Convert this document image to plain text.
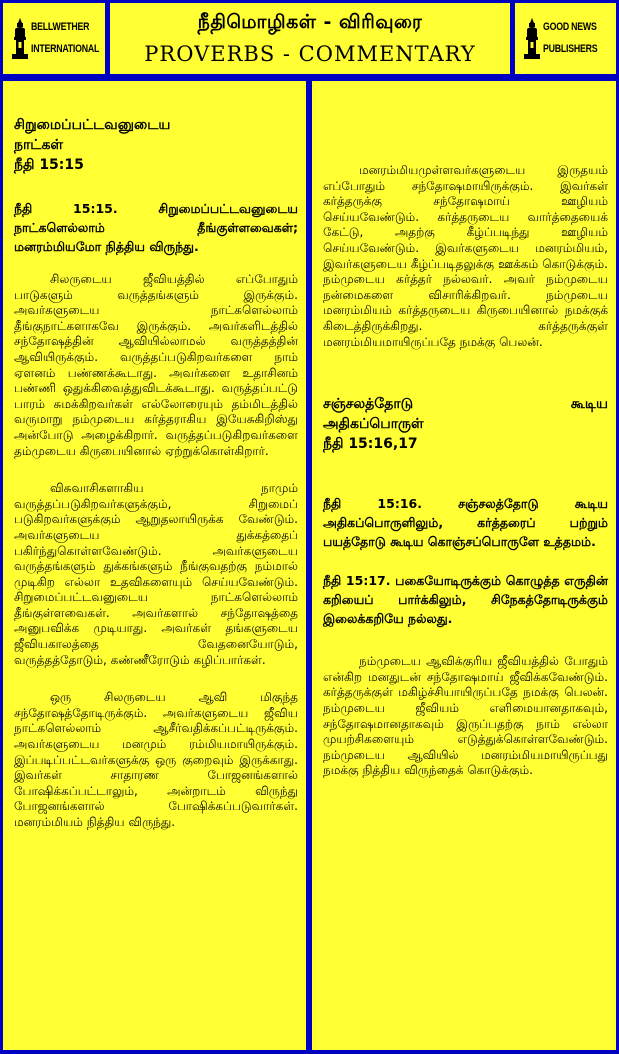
BELLWETHER
INTERNATIONAL
நீதிமொழிகள் - விரிவுரை
PROVERBS - COMMENTARY
GOOD NEWS
PUBLISHERS
சிறுமைப்பட்டவனுடைய
நாட்கள்
நீதி 15:15

நீதி 15:15. சிறுமைப்பட்டவனுடைய நாட்களெல்லாம் தீங்குள்ளவைகள்; மனரம்மியமோ நித்திய விருந்து.

சிலருடைய ஜீவியத்தில் எப்போதும் பாடுகளும் வருத்தங்களும் இருக்கும். அவர்களுடைய நாட்களெல்லாம் தீங்குநாட்களாகவே இருக்கும். அவர்களிடத்தில் சந்தோஷத்தின் ஆவியில்லாமல் வருத்தத்தின் ஆவியிருக்கும். வருத்தப்படுகிறவர்களை நாம் ஏளனம் பண்ணக்கூடாது. அவர்களை உதாசினம் பண்ணி ஒதுக்கிவைத்துவிடக்கூடாது. வருத்தப்பட்டு பாரம் சுமக்கிறவர்கள் எல்லோரையும் தம்மிடத்தில் வருமாறு நம்முடைய கர்த்தராகிய இயேசுகிறிஸ்து அன்போடு அழைக்கிறார். வருத்தப்படுகிறவர்களை தம்முடைய கிருபையினால் ஏற்றுக்கொள்கிறார்.

விசுவாசிகளாகிய நாமும் வருத்தப்படுகிறவர்களுக்கும், சிறுமைப் படுகிறவர்களுக்கும் ஆறுதலாயிருக்க வேண்டும். அவர்களுடைய துக்கத்தைப் பகிர்ந்துகொள்ளவேண்டும். அவர்களுடைய வருத்தங்களும் துக்கங்களும் நீங்குவதற்கு நம்மால் முடிகிற எல்லா உதவிகளையும் செய்யவேண்டும். சிறுமைப்பட்டவனுடைய நாட்களெல்லாம் தீங்குள்ளவைகள். அவர்களால் சந்தோஷத்தை அனுபவிக்க முடியாது. அவர்கள் தங்களுடைய ஜீவியகாலத்தை வேதனையோடும், வருத்தத்தோடும், கண்ணீரோடும் கழிப்பார்கள்.

ஒரு சிலருடைய ஆவி மிகுந்த சந்தோஷத்தோடிருக்கும். அவர்களுடைய ஜீவிய நாட்களெல்லாம் ஆசீர்வதிக்கப்பட்டிருக்கும். அவர்களுடைய மனமும் ரம்மியமாயிருக்கும். இப்படிப்பட்டவர்களுக்கு ஒரு குறைவும் இருக்காது. இவர்கள் சாதாரண போஜனங்களால் போஷிக்கப்பட்டாலும், அன்றாடம் விருந்து போஜனங்களால் போஷிக்கப்படுவார்கள். மனரம்மியம் நித்திய விருந்து.

மனரம்மியமுள்ளவர்களுடைய இருதயம் எப்போதும் சந்தோஷமாயிருக்கும். இவர்கள் கர்த்தருக்கு சந்தோஷமாய் ஊழியம் செய்யவேண்டும். கர்த்தருடைய வார்த்தையைக் கேட்டு, அதற்கு கீழ்ப்படிந்து ஊழியம் செய்யவேண்டும். இவர்களுடைய மனரம்மியம், இவர்களுடைய கீழ்ப்படிதலுக்கு ஊக்கம் கொடுக்கும். நம்முடைய கர்த்தர் நல்லவர். அவர் நம்முடைய நன்மைகளை விசாரிக்கிறவர். நம்முடைய மனரம்மியம் கர்த்தருடைய கிருபையினால் நமக்குக் கிடைத்திருக்கிறது. கர்த்தருக்குள் மனரம்மியமாயிருப்பதே நமக்கு பெலன்.

சஞ்சலத்தோடு கூடிய
அதிகப்பொருள்
நீதி 15:16,17

நீதி 15:16. சஞ்சலத்தோடு கூடிய அதிகப்பொருளிலும், கர்த்தரைப் பற்றும் பயத்தோடு கூடிய கொஞ்சப்பொருளே உத்தமம்.

நீதி 15:17. பகையோடிருக்கும் கொழுத்த எருதின் கறியைப் பார்க்கிலும், சிநேகத்தோடிருக்கும் இலைக்கறியே நல்லது.

நம்முடைய ஆவிக்குரிய ஜீவியத்தில் போதும் என்கிற மனதுடன் சந்தோஷமாய் ஜீவிக்கவேண்டும். கர்த்தருக்குள் மகிழ்ச்சியாயிருப்பதே நமக்கு பெலன். நம்முடைய ஜீவியம் எளிமையானதாகவும், சந்தோஷமானதாகவும் இருப்பதற்கு நாம் எல்லா முயற்சிகளையும் எடுத்துக்கொள்ளவேண்டும். நம்முடைய ஆவியில் மனரம்மியமாயிருப்பது நமக்கு நித்திய விருந்தைக் கொடுக்கும்.
